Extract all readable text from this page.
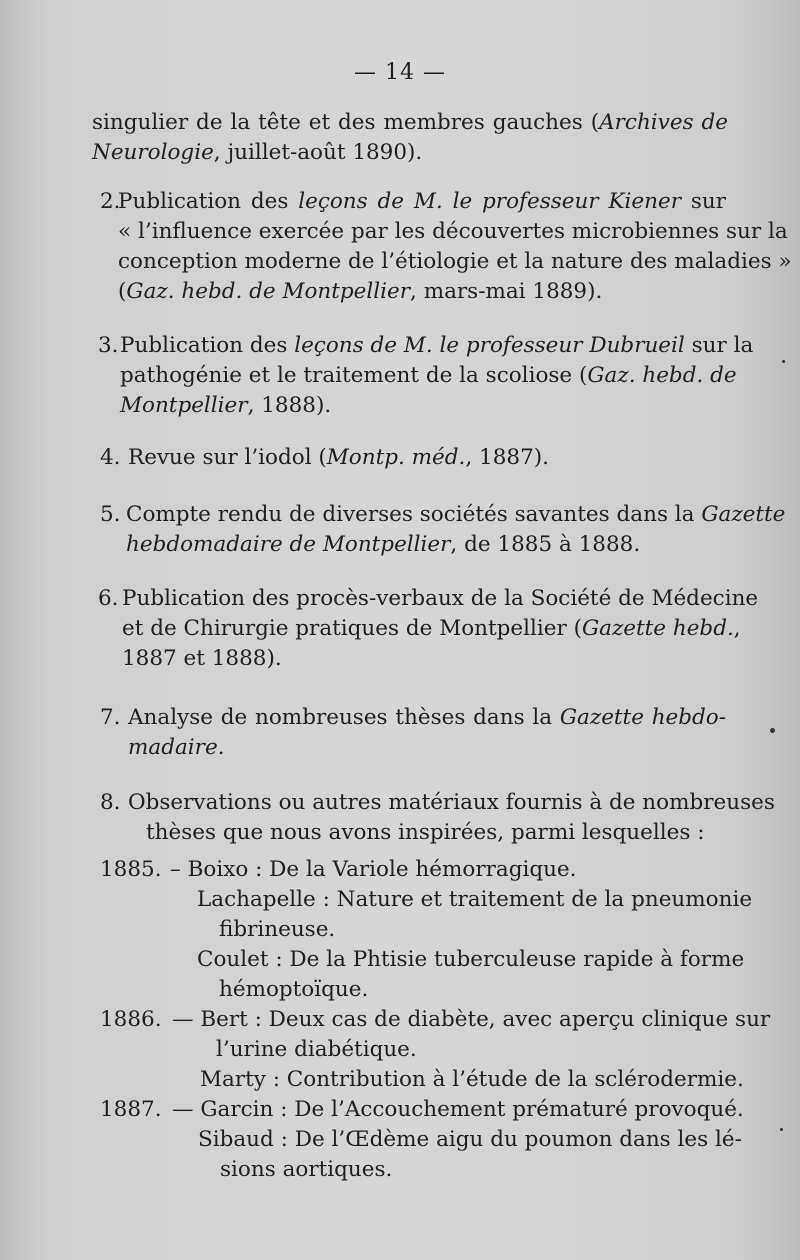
— 14 —
singulier de la tête et des membres gauches (Archives de
Neurologie, juillet-août 1890).
2.
Publication des leçons de M. le professeur Kiener sur
« l’influence exercée par les découvertes microbiennes sur la
conception moderne de l’étiologie et la nature des maladies »
(Gaz. hebd. de Montpellier, mars-mai 1889).
3. Publication des leçons de M. le professeur Dubrueil sur la
pathogénie et le traitement de la scoliose (Gaz. hebd. de
Montpellier, 1888).
4. Revue sur l’iodol (Montp. méd., 1887).
5. Compte rendu de diverses sociétés savantes dans la Gazette
hebdomadaire de Montpellier, de 1885 à 1888.
6. Publication des procès-verbaux de la Société de Médecine
et de Chirurgie pratiques de Montpellier (Gazette hebd.,
1887 et 1888).
7. Analyse de nombreuses thèses dans la Gazette hebdo-
madaire.
8. Observations ou autres matériaux fournis à de nombreuses
thèses que nous avons inspirées, parmi lesquelles :
1885. – Boixo : De la Variole hémorragique.
Lachapelle : Nature et traitement de la pneumonie
fibrineuse.
Coulet : De la Phtisie tuberculeuse rapide à forme
hémoptoïque.
1886. — Bert : Deux cas de diabète, avec aperçu clinique sur
l’urine diabétique.
Marty : Contribution à l’étude de la sclérodermie.
1887. — Garcin : De l’Accouchement prématuré provoqué.
Sibaud : De l’Œdème aigu du poumon dans les lé-
sions aortiques.
